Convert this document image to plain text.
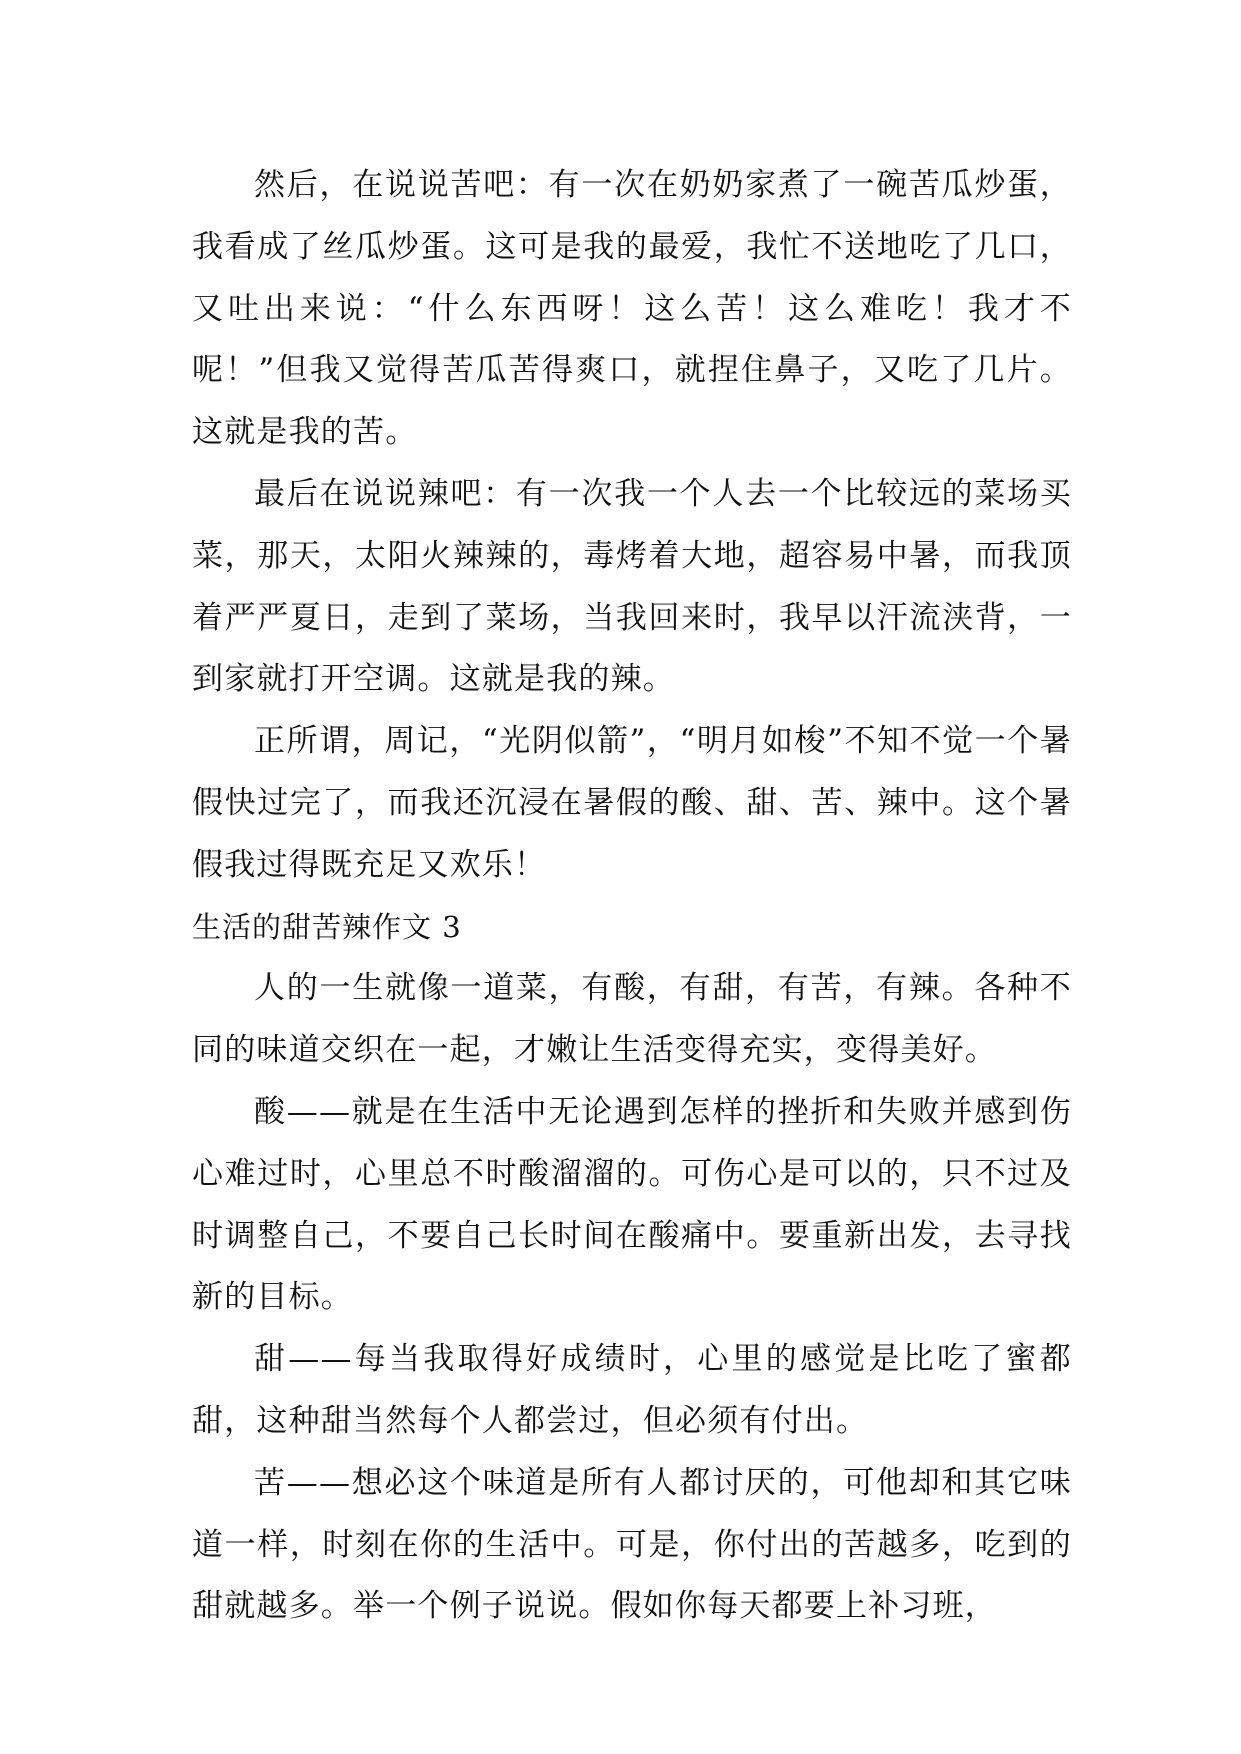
然后，在说说苦吧：有一次在奶奶家煮了一碗苦瓜炒蛋，我看成了丝瓜炒蛋。这可是我的最爱，我忙不送地吃了几口，又吐出来说：“什么东西呀！这么苦！这么难吃！我才不呢！”但我又觉得苦瓜苦得爽口，就捏住鼻子，又吃了几片。这就是我的苦。

最后在说说辣吧：有一次我一个人去一个比较远的菜场买菜，那天，太阳火辣辣的，毒烤着大地，超容易中暑，而我顶着严严夏日，走到了菜场，当我回来时，我早以汗流浃背，一到家就打开空调。这就是我的辣。

正所谓，周记，“光阴似箭”，“明月如梭”不知不觉一个暑假快过完了，而我还沉浸在暑假的酸、甜、苦、辣中。这个暑假我过得既充足又欢乐！

生活的甜苦辣作文 3

人的一生就像一道菜，有酸，有甜，有苦，有辣。各种不同的味道交织在一起，才嫩让生活变得充实，变得美好。

酸——就是在生活中无论遇到怎样的挫折和失败并感到伤心难过时，心里总不时酸溜溜的。可伤心是可以的，只不过及时调整自己，不要自己长时间在酸痛中。要重新出发，去寻找新的目标。

甜——每当我取得好成绩时，心里的感觉是比吃了蜜都甜，这种甜当然每个人都尝过，但必须有付出。

苦——想必这个味道是所有人都讨厌的，可他却和其它味道一样，时刻在你的生活中。可是，你付出的苦越多，吃到的甜就越多。举一个例子说说。假如你每天都要上补习班，
